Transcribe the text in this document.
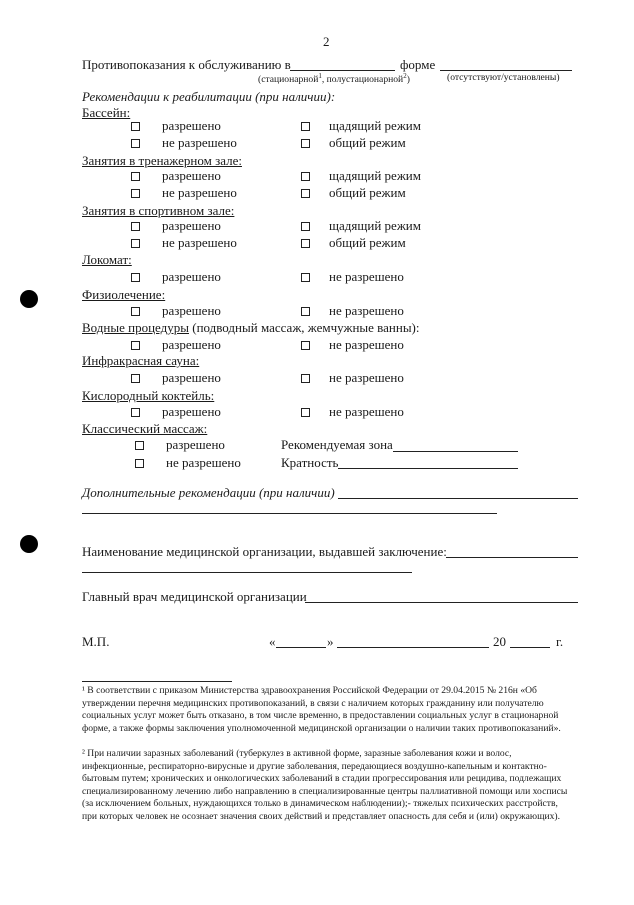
2
Противопоказания к обслуживанию в	форме
(стационарной$^1$, полустационарной$^2$)	(отсутствуют/установлены)
Рекомендации к реабилитации (при наличии):
Бассейн:
разрешено	щадящий режим
не разрешено	общий режим
Занятия в тренажерном зале:
разрешено	щадящий режим
не разрешено	общий режим
Занятия в спортивном зале:
разрешено	щадящий режим
не разрешено	общий режим
Локомат:
разрешено	не разрешено
Физиолечение:
разрешено	не разрешено
Водные процедуры (подводный массаж, жемчужные ванны):
разрешено	не разрешено
Инфракрасная сауна:
разрешено	не разрешено
Кислородный коктейль:
разрешено	не разрешено
Классический массаж:
разрешено	Рекомендуемая зона
не разрешено	Кратность
Дополнительные рекомендации (при наличии)
Наименование медицинской организации, выдавшей заключение:
Главный врач медицинской организации
М.П.	«	»	20	г.
¹ В соответствии с приказом Министерства здравоохранения Российской Федерации от 29.04.2015 № 216н «Об утверждении перечня медицинских противопоказаний, в связи с наличием которых гражданину или получателю социальных услуг может быть отказано, в том числе временно, в предоставлении социальных услуг в стационарной форме, а также формы заключения уполномоченной медицинской организации о наличии таких противопоказаний».
² При наличии заразных заболеваний (туберкулез в активной форме, заразные заболевания кожи и волос, инфекционные, респираторно-вирусные и другие заболевания, передающиеся воздушно-капельным и контактно-бытовым путем; хронических и онкологических заболеваний в стадии прогрессирования или рецидива, подлежащих специализированному лечению либо направлению в специализированные центры паллиативной помощи или хосписы (за исключением больных, нуждающихся только в динамическом наблюдении);- тяжелых психических расстройств, при которых человек не осознает значения своих действий и представляет опасность для себя и (или) окружающих).
